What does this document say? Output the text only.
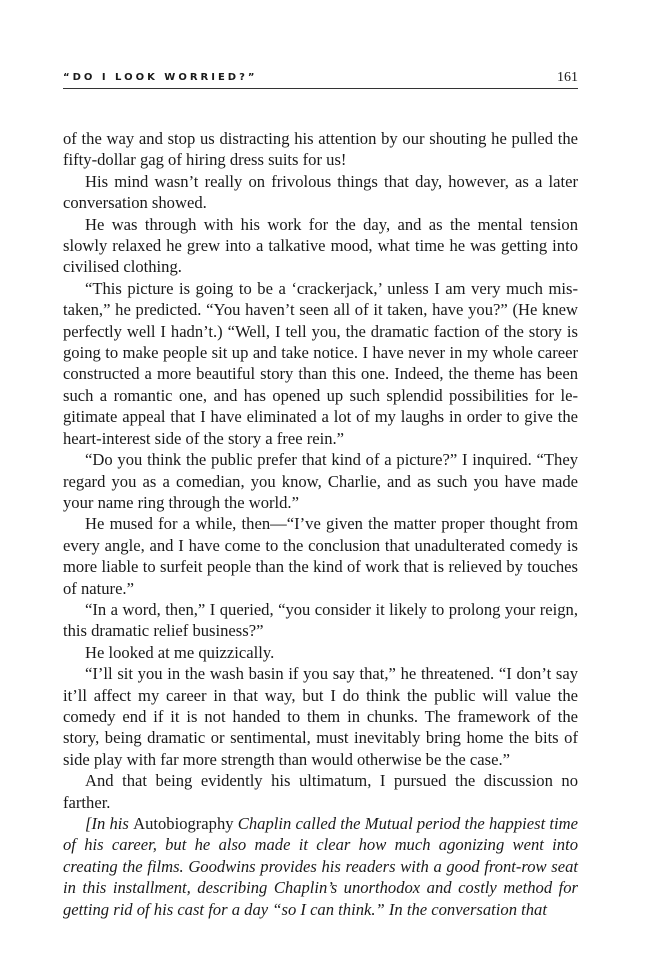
“DO I LOOK WORRIED?”	161

of the way and stop us distracting his attention by our shouting he pulled the fifty-dollar gag of hiring dress suits for us!

His mind wasn’t really on frivolous things that day, however, as a later conversation showed.

He was through with his work for the day, and as the mental tension slowly relaxed he grew into a talkative mood, what time he was getting into civilised clothing.

“This picture is going to be a ‘crackerjack,’ unless I am very much mistaken,” he predicted. “You haven’t seen all of it taken, have you?” (He knew perfectly well I hadn’t.) “Well, I tell you, the dramatic faction of the story is going to make people sit up and take notice. I have never in my whole career constructed a more beautiful story than this one. Indeed, the theme has been such a romantic one, and has opened up such splendid possibilities for legitimate appeal that I have eliminated a lot of my laughs in order to give the heart-interest side of the story a free rein.”

“Do you think the public prefer that kind of a picture?” I inquired. “They regard you as a comedian, you know, Charlie, and as such you have made your name ring through the world.”

He mused for a while, then—“I’ve given the matter proper thought from every angle, and I have come to the conclusion that unadulterated comedy is more liable to surfeit people than the kind of work that is relieved by touches of nature.”

“In a word, then,” I queried, “you consider it likely to prolong your reign, this dramatic relief business?”

He looked at me quizzically.

“I’ll sit you in the wash basin if you say that,” he threatened. “I don’t say it’ll affect my career in that way, but I do think the public will value the comedy end if it is not handed to them in chunks. The framework of the story, being dramatic or sentimental, must inevitably bring home the bits of side play with far more strength than would otherwise be the case.”

And that being evidently his ultimatum, I pursued the discussion no farther.

[In his Autobiography Chaplin called the Mutual period the happiest time of his career, but he also made it clear how much agonizing went into creating the films. Goodwins provides his readers with a good front-row seat in this installment, describing Chaplin’s unorthodox and costly method for getting rid of his cast for a day “so I can think.” In the conversation that
